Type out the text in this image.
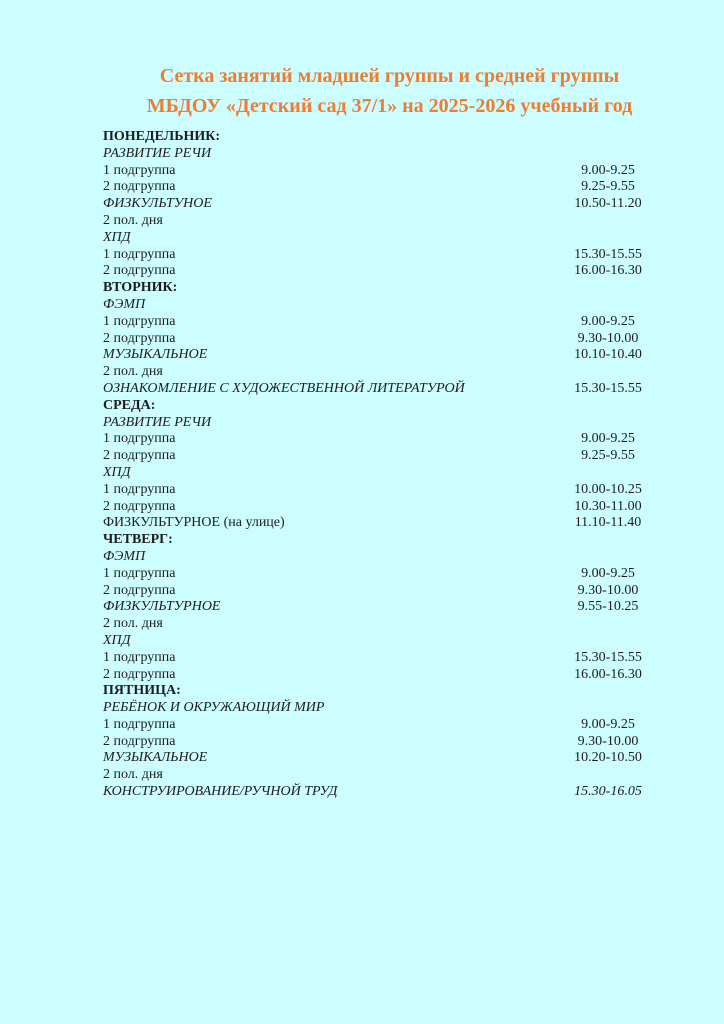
Сетка занятий младшей группы и средней группы
МБДОУ «Детский сад 37/1» на 2025-2026 учебный год
ПОНЕДЕЛЬНИК:
РАЗВИТИЕ РЕЧИ
1 подгруппа	9.00-9.25
2 подгруппа	9.25-9.55
ФИЗКУЛЬТУНОЕ	10.50-11.20
2 пол. дня
ХПД
1 подгруппа	15.30-15.55
2 подгруппа	16.00-16.30
ВТОРНИК:
ФЭМП
1 подгруппа	9.00-9.25
2 подгруппа	9.30-10.00
МУЗЫКАЛЬНОЕ	10.10-10.40
2 пол. дня
ОЗНАКОМЛЕНИЕ С ХУДОЖЕСТВЕННОЙ ЛИТЕРАТУРОЙ	15.30-15.55
СРЕДА:
РАЗВИТИЕ РЕЧИ
1 подгруппа	9.00-9.25
2 подгруппа	9.25-9.55
ХПД
1 подгруппа	10.00-10.25
2 подгруппа	10.30-11.00
ФИЗКУЛЬТУРНОЕ (на улице)	11.10-11.40
ЧЕТВЕРГ:
ФЭМП
1 подгруппа	9.00-9.25
2 подгруппа	9.30-10.00
ФИЗКУЛЬТУРНОЕ	9.55-10.25
2 пол. дня
ХПД
1 подгруппа	15.30-15.55
2 подгруппа	16.00-16.30
ПЯТНИЦА:
РЕБЁНОК И ОКРУЖАЮЩИЙ МИР
1 подгруппа	9.00-9.25
2 подгруппа	9.30-10.00
МУЗЫКАЛЬНОЕ	10.20-10.50
2 пол. дня
КОНСТРУИРОВАНИЕ/РУЧНОЙ ТРУД	15.30-16.05
